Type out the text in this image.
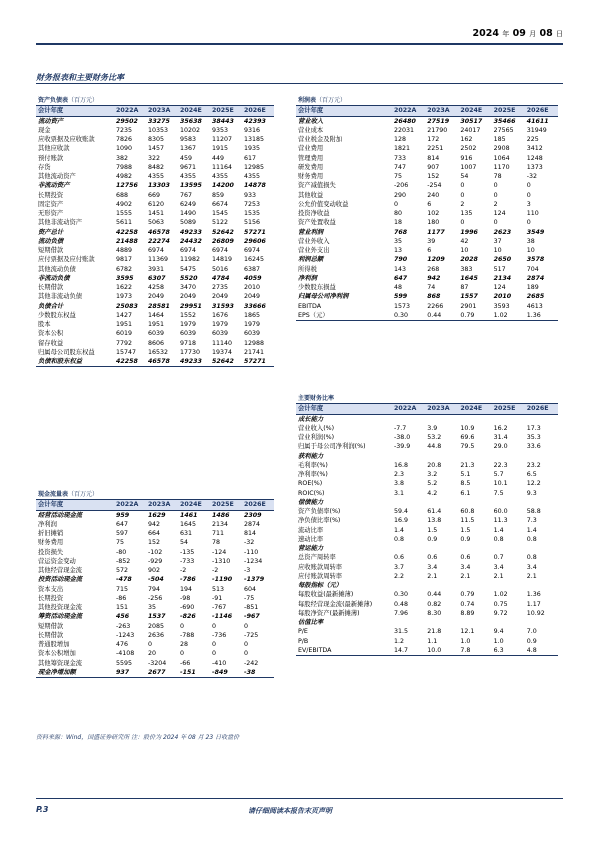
2024 年 09 月 08 日
财务报表和主要财务比率
资产负债表（百万元）					
会计年度	2022A	2023A	2024E	2025E	2026E
流动资产	29502	33275	35638	38443	42393
现金	7235	10353	10202	9353	9316
应收票据及应收账款	7826	8305	9583	11207	13185
其他应收款	1090	1457	1367	1915	1935
预付账款	382	322	459	449	617
存货	7988	8482	9671	11164	12985
其他流动资产	4982	4355	4355	4355	4355
非流动资产	12756	13303	13595	14200	14878
长期投资	688	669	767	859	933
固定资产	4902	6120	6249	6674	7253
无形资产	1555	1451	1490	1545	1535
其他非流动资产	5611	5063	5089	5122	5156
资产总计	42258	46578	49233	52642	57271
流动负债	21488	22274	24432	26809	29606
短期借款	4889	6974	6974	6974	6974
应付票据及应付账款	9817	11369	11982	14819	16245
其他流动负债	6782	3931	5475	5016	6387
非流动负债	3595	6307	5520	4784	4059
长期借款	1622	4258	3470	2735	2010
其他非流动负债	1973	2049	2049	2049	2049
负债合计	25083	28581	29951	31593	33666
少数股东权益	1427	1464	1552	1676	1865
股本	1951	1951	1979	1979	1979
资本公积	6019	6039	6039	6039	6039
留存收益	7792	8606	9718	11140	12988
归属母公司股东权益	15747	16532	17730	19374	21741
负债和股东权益	42258	46578	49233	52642	57271
利润表（百万元）					
会计年度	2022A	2023A	2024E	2025E	2026E
营业收入	26480	27519	30517	35466	41611
营业成本	22031	21790	24017	27565	31949
营业税金及附加	128	172	162	185	225
营业费用	1821	2251	2502	2908	3412
管理费用	733	814	916	1064	1248
研发费用	747	907	1007	1170	1373
财务费用	75	152	54	78	-32
资产减值损失	-206	-254	0	0	0
其他收益	290	240	0	0	0
公允价值变动收益	0	6	2	2	3
投资净收益	80	102	135	124	110
资产处置收益	18	180	0	0	0
营业利润	768	1177	1996	2623	3549
营业外收入	35	39	42	37	38
营业外支出	13	6	10	10	10
利润总额	790	1209	2028	2650	3578
所得税	143	268	383	517	704
净利润	647	942	1645	2134	2874
少数股东损益	48	74	87	124	189
归属母公司净利润	599	868	1557	2010	2685
EBITDA	1573	2266	2901	3593	4613
EPS（元）	0.30	0.44	0.79	1.02	1.36
现金流量表（百万元）					
会计年度	2022A	2023A	2024E	2025E	2026E
经营活动现金流	959	1629	1461	1486	2309
净利润	647	942	1645	2134	2874
折旧摊销	597	664	631	711	814
财务费用	75	152	54	78	-32
投资损失	-80	-102	-135	-124	-110
营运资金变动	-852	-929	-733	-1310	-1234
其他经营现金流	572	902	-2	-2	-3
投资活动现金流	-478	-504	-786	-1190	-1379
资本支出	715	794	194	513	604
长期投资	-86	-256	-98	-91	-75
其他投资现金流	151	35	-690	-767	-851
筹资活动现金流	456	1537	-826	-1146	-967
短期借款	-263	2085	0	0	0
长期借款	-1243	2636	-788	-736	-725
普通股增加	476	0	28	0	0
资本公积增加	-4108	20	0	0	0
其他筹资现金流	5595	-3204	-66	-410	-242
现金净增加额	937	2677	-151	-849	-38
主要财务比率					
会计年度	2022A	2023A	2024E	2025E	2026E
成长能力					
营业收入(%)	-7.7	3.9	10.9	16.2	17.3
营业利润(%)	-38.0	53.2	69.6	31.4	35.3
归属于母公司净利润(%)	-39.9	44.8	79.5	29.0	33.6
获利能力					
毛利率(%)	16.8	20.8	21.3	22.3	23.2
净利率(%)	2.3	3.2	5.1	5.7	6.5
ROE(%)	3.8	5.2	8.5	10.1	12.2
ROIC(%)	3.1	4.2	6.1	7.5	9.3
偿债能力					
资产负债率(%)	59.4	61.4	60.8	60.0	58.8
净负债比率(%)	16.9	13.8	11.5	11.3	7.3
流动比率	1.4	1.5	1.5	1.4	1.4
速动比率	0.8	0.9	0.9	0.8	0.8
营运能力					
总资产周转率	0.6	0.6	0.6	0.7	0.8
应收账款周转率	3.7	3.4	3.4	3.4	3.4
应付账款周转率	2.2	2.1	2.1	2.1	2.1
每股指标（元）					
每股收益(最新摊薄)	0.30	0.44	0.79	1.02	1.36
每股经营现金流(最新摊薄)	0.48	0.82	0.74	0.75	1.17
每股净资产(最新摊薄)	7.96	8.30	8.89	9.72	10.92
估值比率					
P/E	31.5	21.8	12.1	9.4	7.0
P/B	1.2	1.1	1.0	1.0	0.9
EV/EBITDA	14.7	10.0	7.8	6.3	4.8
资料来源：Wind，国盛证券研究所 注：股价为 2024 年 08 月 23 日收盘价
P.3	请仔细阅读本报告末页声明
